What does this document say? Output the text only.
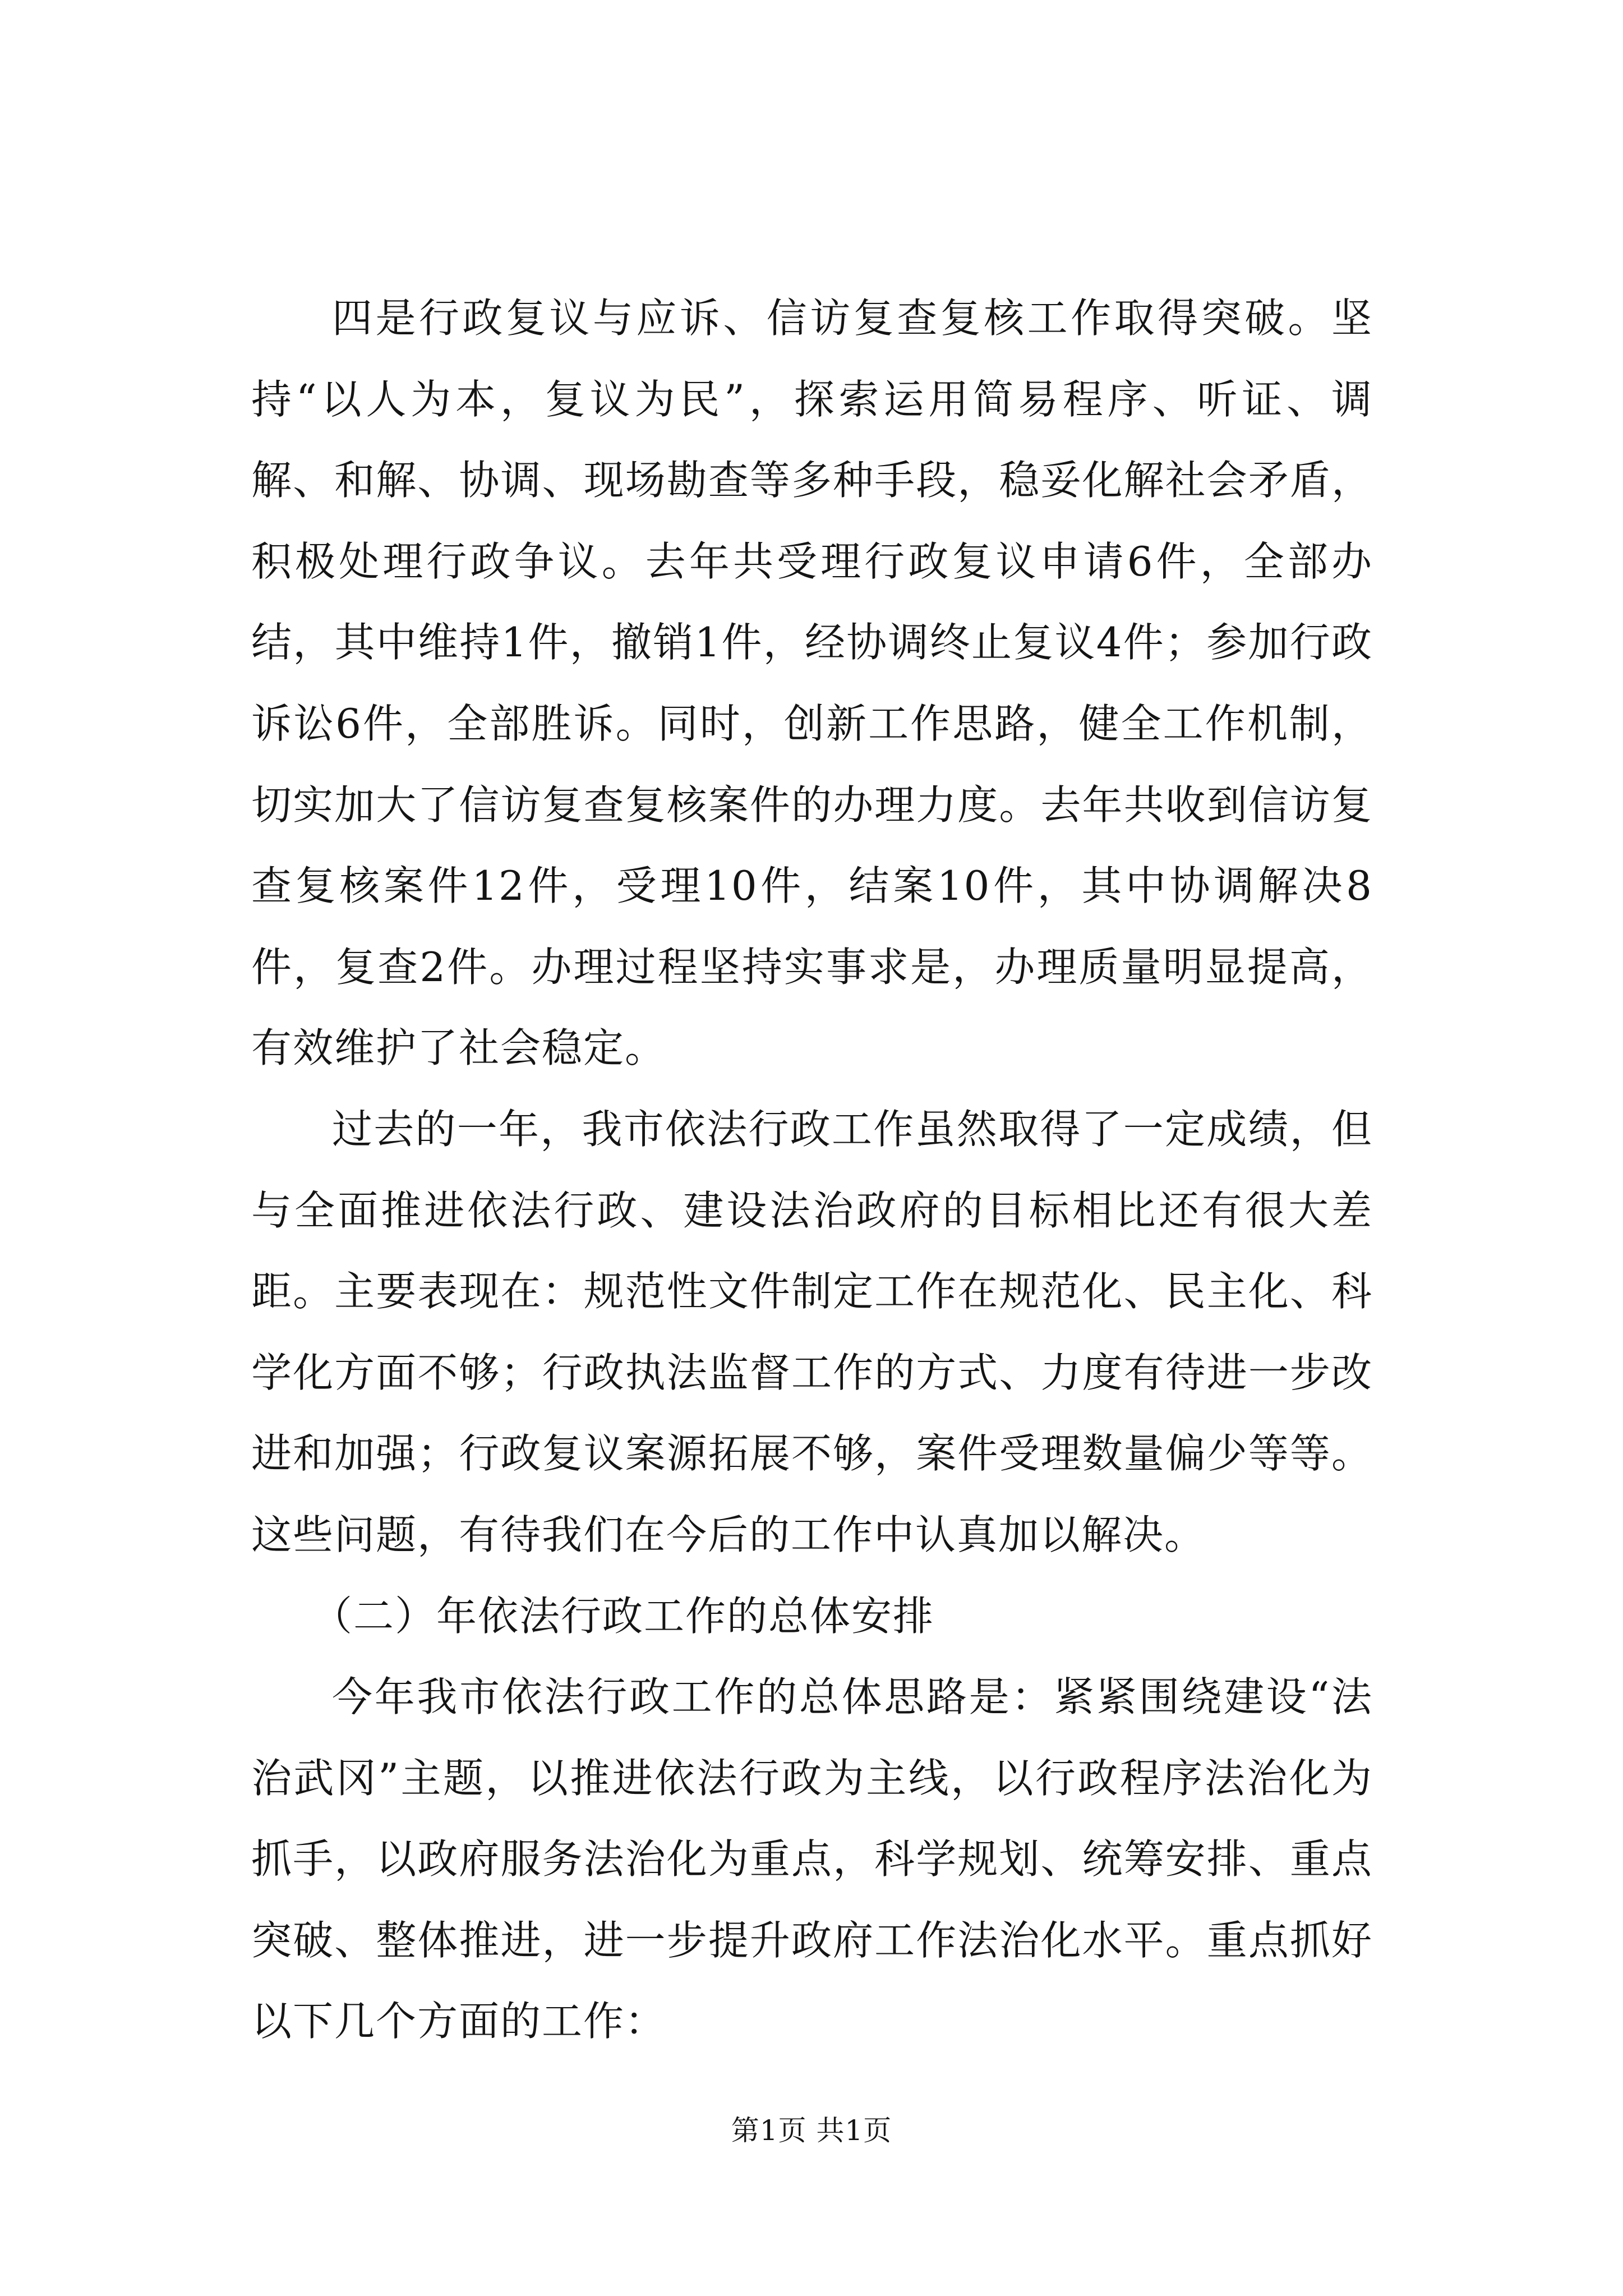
四是行政复议与应诉、信访复查复核工作取得突破。坚持“以人为本，复议为民”，探索运用简易程序、听证、调解、和解、协调、现场勘查等多种手段，稳妥化解社会矛盾，积极处理行政争议。去年共受理行政复议申请6件，全部办结，其中维持1件，撤销1件，经协调终止复议4件；参加行政诉讼6件，全部胜诉。同时，创新工作思路，健全工作机制，切实加大了信访复查复核案件的办理力度。去年共收到信访复查复核案件12件，受理10件，结案10件，其中协调解决8件，复查2件。办理过程坚持实事求是，办理质量明显提高，有效维护了社会稳定。

过去的一年，我市依法行政工作虽然取得了一定成绩，但与全面推进依法行政、建设法治政府的目标相比还有很大差距。主要表现在：规范性文件制定工作在规范化、民主化、科学化方面不够；行政执法监督工作的方式、力度有待进一步改进和加强；行政复议案源拓展不够，案件受理数量偏少等等。这些问题，有待我们在今后的工作中认真加以解决。

（二）年依法行政工作的总体安排

今年我市依法行政工作的总体思路是：紧紧围绕建设“法治武冈”主题，以推进依法行政为主线，以行政程序法治化为抓手，以政府服务法治化为重点，科学规划、统筹安排、重点突破、整体推进，进一步提升政府工作法治化水平。重点抓好以下几个方面的工作：

第1页 共1页
